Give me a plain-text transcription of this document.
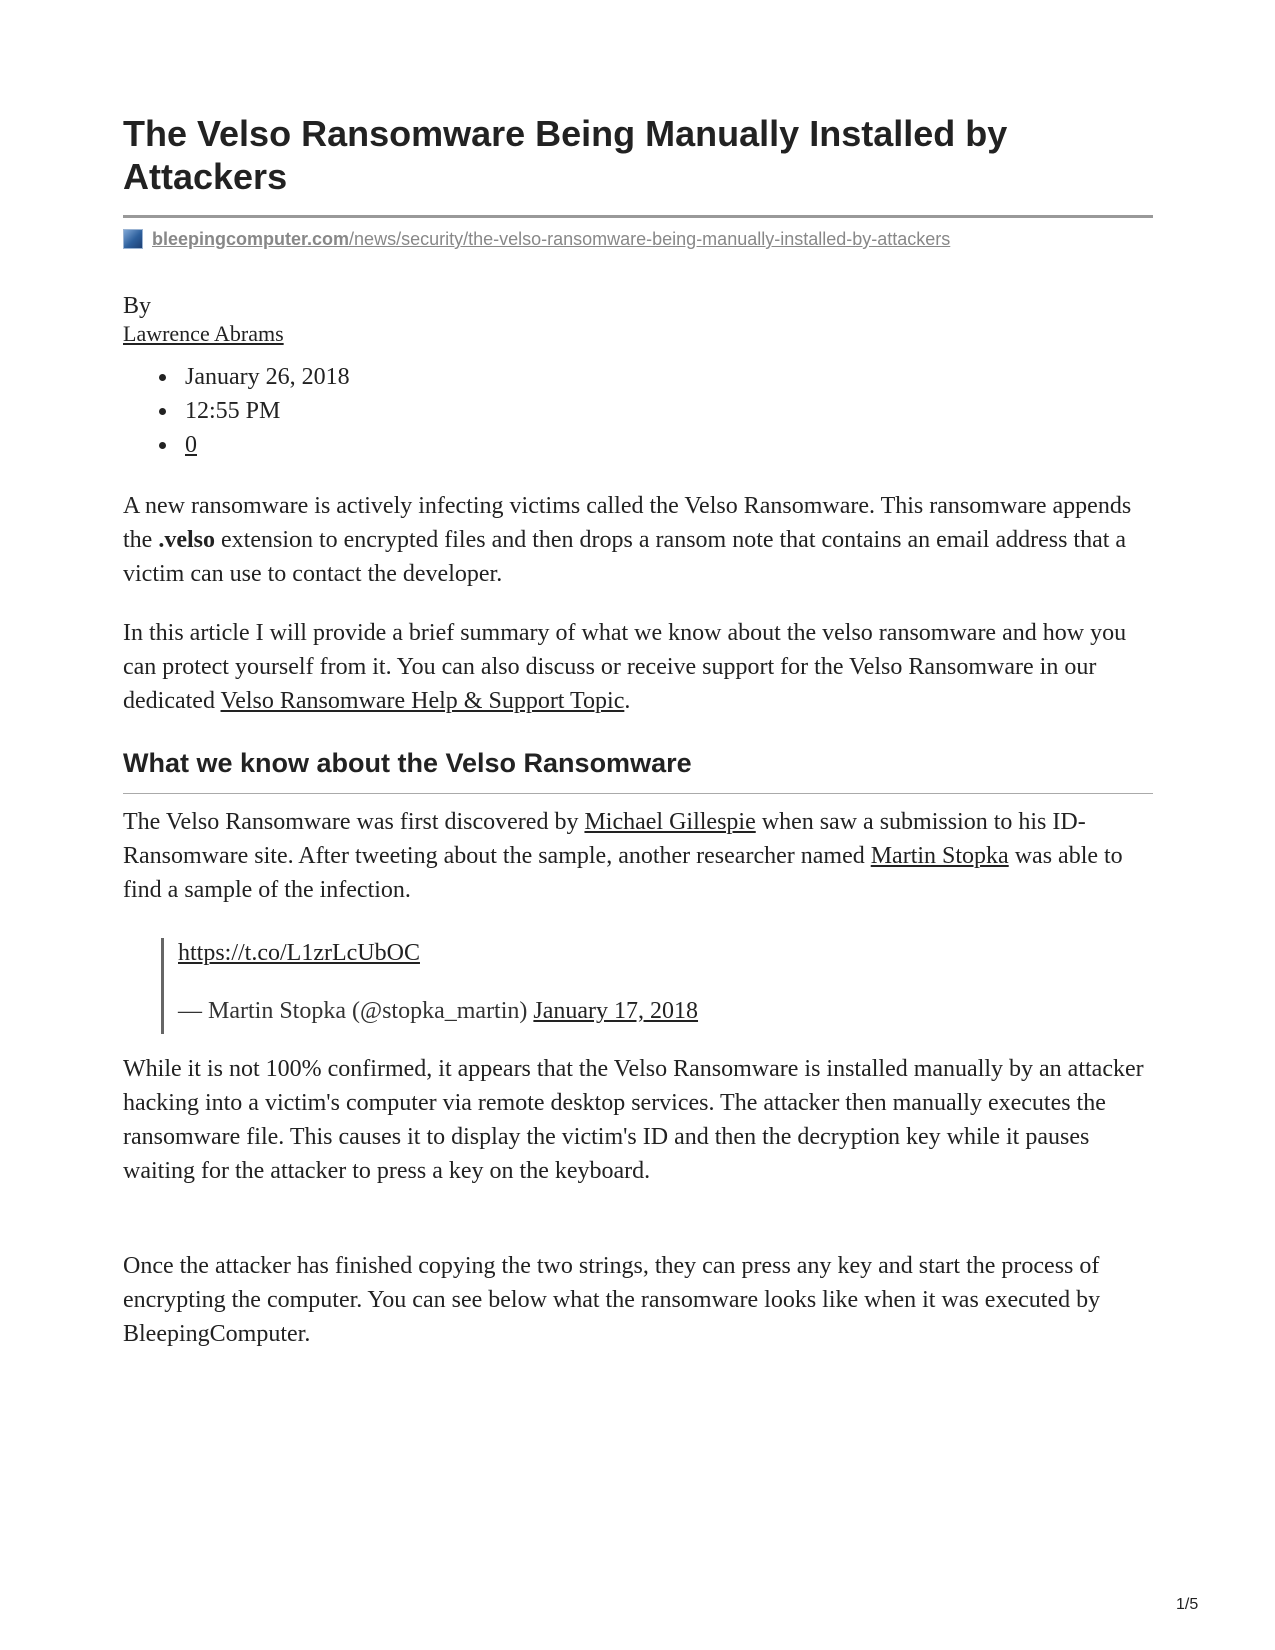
The Velso Ransomware Being Manually Installed by Attackers
bleepingcomputer.com/news/security/the-velso-ransomware-being-manually-installed-by-attackers
By
Lawrence Abrams
January 26, 2018
12:55 PM
0

A new ransomware is actively infecting victims called the Velso Ransomware. This ransomware appends the .velso extension to encrypted files and then drops a ransom note that contains an email address that a victim can use to contact the developer.

In this article I will provide a brief summary of what we know about the velso ransomware and how you can protect yourself from it. You can also discuss or receive support for the Velso Ransomware in our dedicated Velso Ransomware Help & Support Topic.

What we know about the Velso Ransomware

The Velso Ransomware was first discovered by Michael Gillespie when saw a submission to his ID-Ransomware site. After tweeting about the sample, another researcher named Martin Stopka was able to find a sample of the infection.

https://t.co/L1zrLcUbOC
— Martin Stopka (@stopka_martin) January 17, 2018

While it is not 100% confirmed, it appears that the Velso Ransomware is installed manually by an attacker hacking into a victim's computer via remote desktop services. The attacker then manually executes the ransomware file. This causes it to display the victim's ID and then the decryption key while it pauses waiting for the attacker to press a key on the keyboard.

Once the attacker has finished copying the two strings, they can press any key and start the process of encrypting the computer. You can see below what the ransomware looks like when it was executed by BleepingComputer.

1/5
